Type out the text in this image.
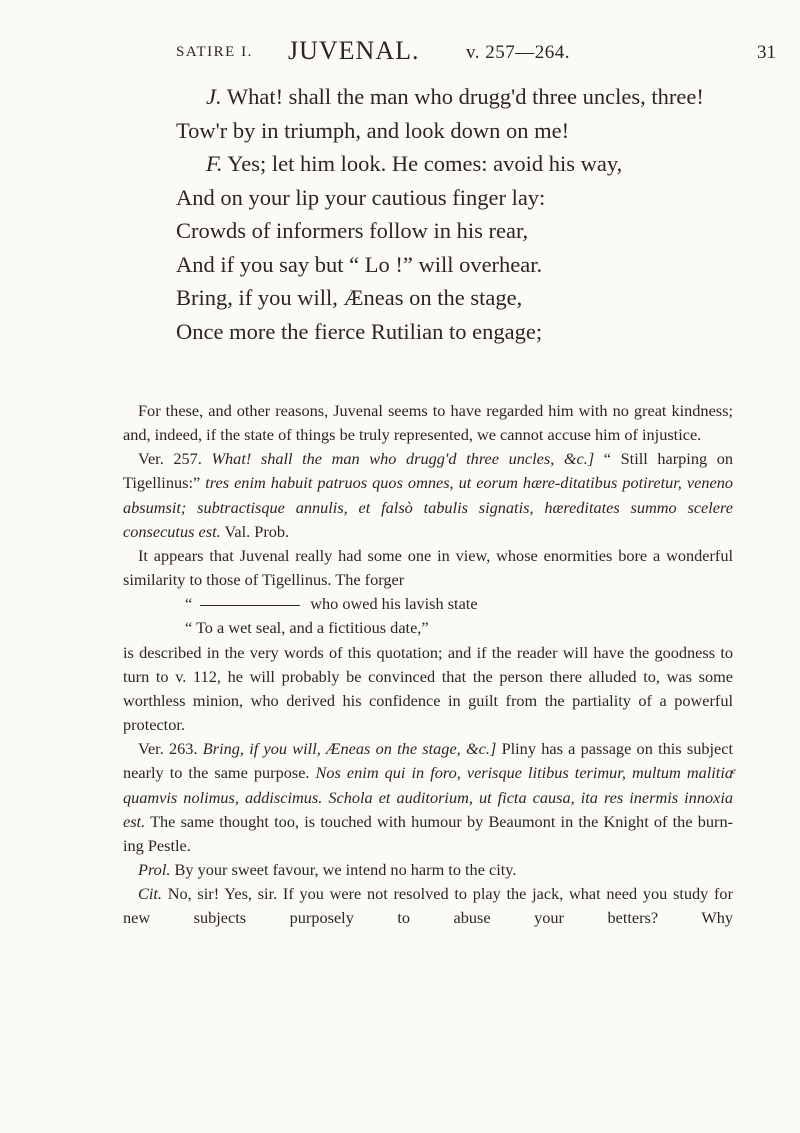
SATIRE I. JUVENAL. v. 257—264.	31
J. What! shall the man who drugg'd three uncles, three!
Tow'r by in triumph, and look down on me!
F. Yes; let him look. He comes: avoid his way,
And on your lip your cautious finger lay:
Crowds of informers follow in his rear,
And if you say but “ Lo !” will overhear.
Bring, if you will, Æneas on the stage,
Once more the fierce Rutilian to engage;

For these, and other reasons, Juvenal seems to have regarded him with no great kindness; and, indeed, if the state of things be truly represented, we cannot accuse him of injustice.

Ver. 257. What! shall the man who drugg'd three uncles, &c.] “ Still harping on Tigellinus:” tres enim habuit patruos quos omnes, ut eorum hære-ditatibus potiretur, veneno absumsit; subtractisque annulis, et falsò tabulis signatis, hæreditates summo scelere consecutus est. Val. Prob.

It appears that Juvenal really had some one in view, whose enormities bore a wonderful similarity to those of Tigellinus. The forger

“	who owed his lavish state

“ To a wet seal, and a fictitious date,”

is described in the very words of this quotation; and if the reader will have the goodness to turn to v. 112, he will probably be convinced that the person there alluded to, was some worthless minion, who derived his confidence in guilt from the partiality of a powerful protector.

Ver. 263. Bring, if you will, Æneas on the stage, &c.] Pliny has a passage on this subject nearly to the same purpose. Nos enim qui in foro, verisque litibus terimur, multum malitiaͤ quamvis nolimus, addiscimus. Schola et auditorium, ut ficta causa, ita res inermis innoxia est. The same thought too, is touched with humour by Beaumont in the Knight of the burn-ing Pestle.

Prol. By your sweet favour, we intend no harm to the city.

Cit. No, sir! Yes, sir. If you were not resolved to play the jack, what need you study for new subjects purposely to abuse your betters? Why
